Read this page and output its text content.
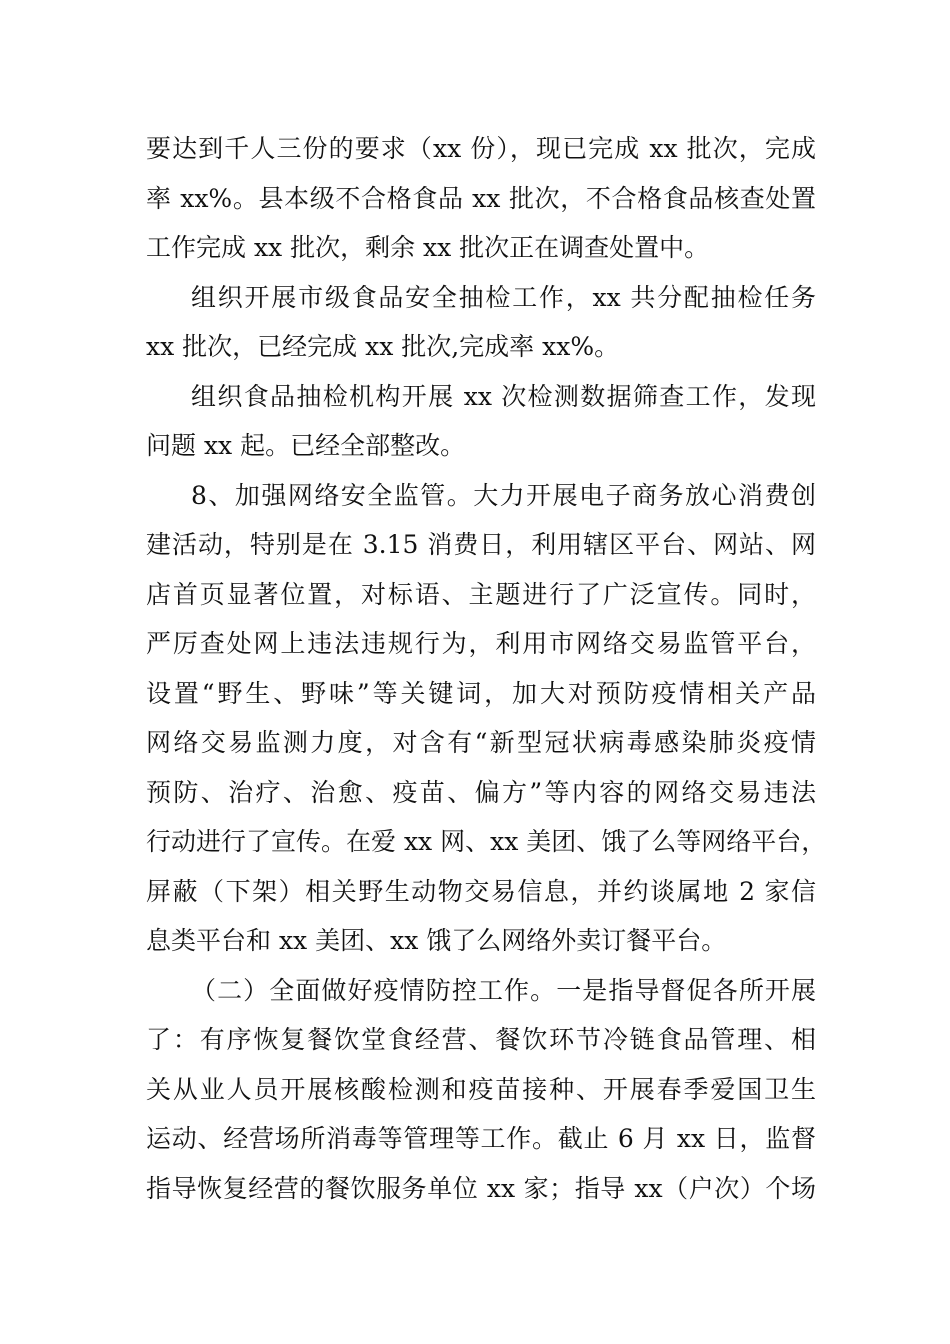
要达到千人三份的要求（xx 份），现已完成 xx 批次，完成
率 xx%。县本级不合格食品 xx 批次，不合格食品核查处置
工作完成 xx 批次，剩余 xx 批次正在调查处置中。
组织开展市级食品安全抽检工作，xx 共分配抽检任务
xx 批次，已经完成 xx 批次,完成率 xx%。
组织食品抽检机构开展 xx 次检测数据筛查工作，发现
问题 xx 起。已经全部整改。
8、加强网络安全监管。大力开展电子商务放心消费创
建活动，特别是在 3.15 消费日，利用辖区平台、网站、网
店首页显著位置，对标语、主题进行了广泛宣传。同时，
严厉查处网上违法违规行为，利用市网络交易监管平台，
设置“野生、野味”等关键词，加大对预防疫情相关产品
网络交易监测力度，对含有“新型冠状病毒感染肺炎疫情
预防、治疗、治愈、疫苗、偏方”等内容的网络交易违法
行动进行了宣传。在爱 xx 网、xx 美团、饿了么等网络平台，
屏蔽（下架）相关野生动物交易信息，并约谈属地 2 家信
息类平台和 xx 美团、xx 饿了么网络外卖订餐平台。
（二）全面做好疫情防控工作。一是指导督促各所开展
了：有序恢复餐饮堂食经营、餐饮环节冷链食品管理、相
关从业人员开展核酸检测和疫苗接种、开展春季爱国卫生
运动、经营场所消毒等管理等工作。截止 6 月 xx 日，监督
指导恢复经营的餐饮服务单位 xx 家；指导 xx（户次）个场
